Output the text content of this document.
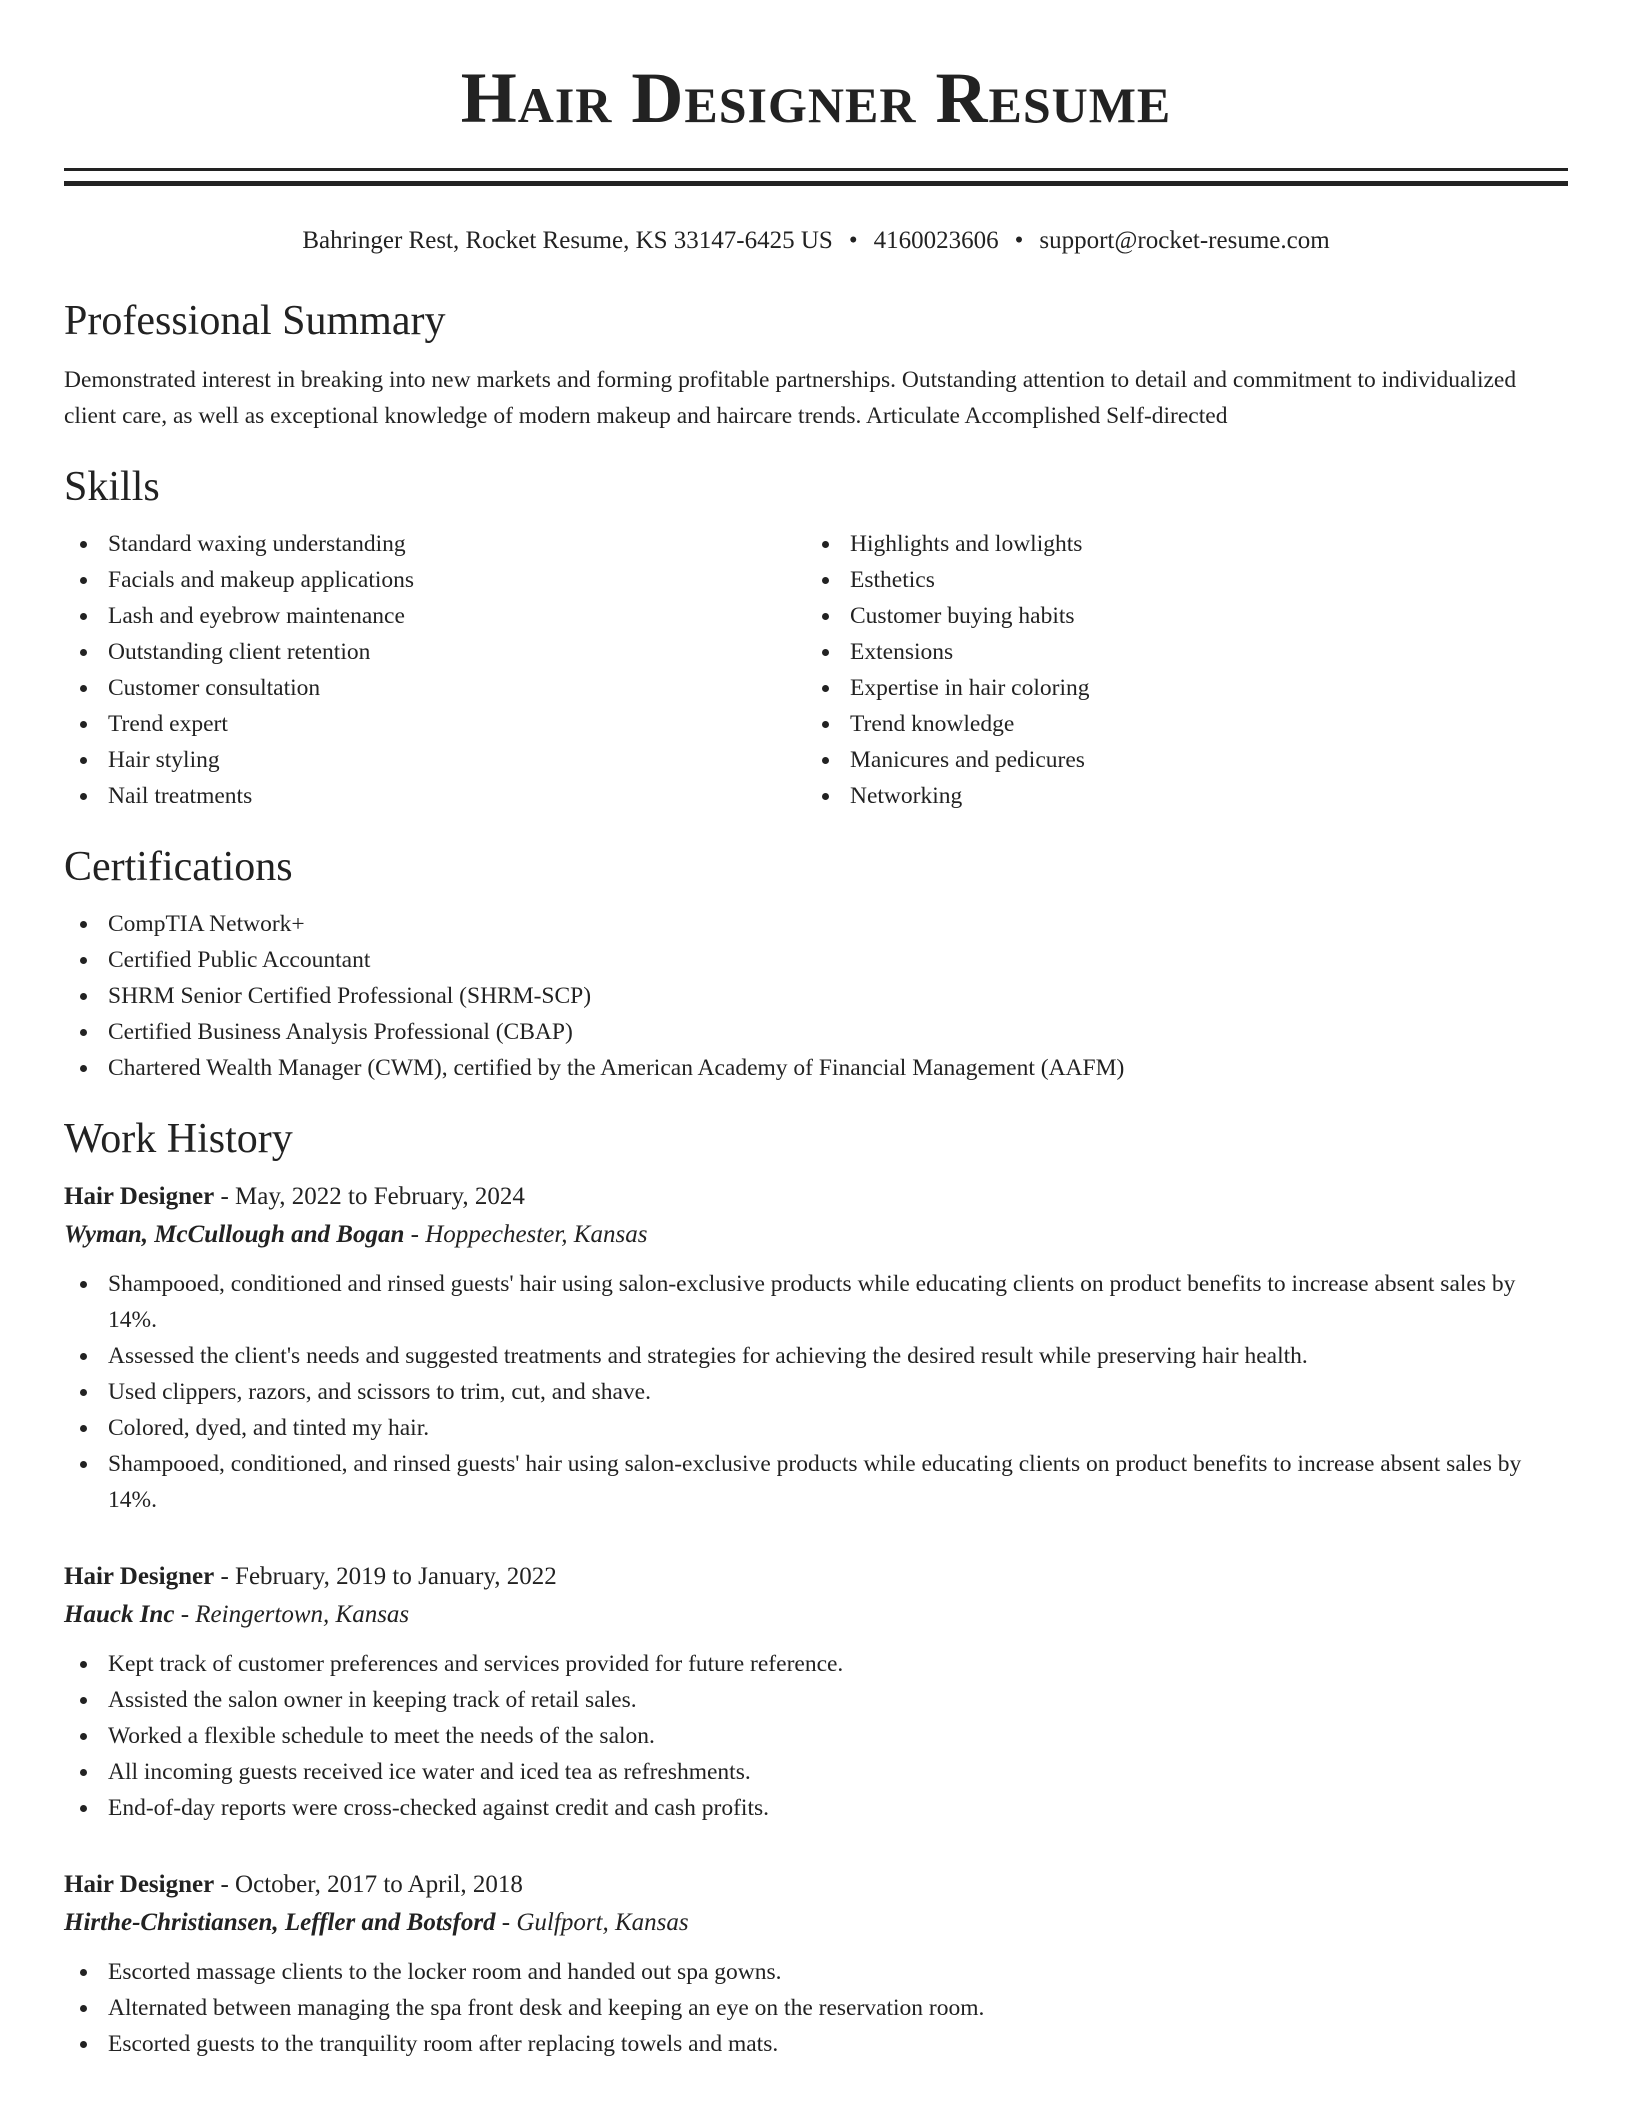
Hair Designer Resume
Bahringer Rest, Rocket Resume, KS 33147-6425 US • 4160023606 • support@rocket-resume.com
Professional Summary

Demonstrated interest in breaking into new markets and forming profitable partnerships. Outstanding attention to detail and commitment to individualized client care, as well as exceptional knowledge of modern makeup and haircare trends. Articulate Accomplished Self-directed

Skills
Standard waxing understanding
Facials and makeup applications
Lash and eyebrow maintenance
Outstanding client retention
Customer consultation
Trend expert
Hair styling
Nail treatments
Highlights and lowlights
Esthetics
Customer buying habits
Extensions
Expertise in hair coloring
Trend knowledge
Manicures and pedicures
Networking
Certifications
CompTIA Network+
Certified Public Accountant
SHRM Senior Certified Professional (SHRM-SCP)
Certified Business Analysis Professional (CBAP)
Chartered Wealth Manager (CWM), certified by the American Academy of Financial Management (AAFM)
Work History
Hair Designer - May, 2022 to February, 2024
Wyman, McCullough and Bogan - Hoppechester, Kansas
Shampooed, conditioned and rinsed guests' hair using salon-exclusive products while educating clients on product benefits to increase absent sales by 14%.
Assessed the client's needs and suggested treatments and strategies for achieving the desired result while preserving hair health.
Used clippers, razors, and scissors to trim, cut, and shave.
Colored, dyed, and tinted my hair.
Shampooed, conditioned, and rinsed guests' hair using salon-exclusive products while educating clients on product benefits to increase absent sales by 14%.
Hair Designer - February, 2019 to January, 2022
Hauck Inc - Reingertown, Kansas
Kept track of customer preferences and services provided for future reference.
Assisted the salon owner in keeping track of retail sales.
Worked a flexible schedule to meet the needs of the salon.
All incoming guests received ice water and iced tea as refreshments.
End-of-day reports were cross-checked against credit and cash profits.
Hair Designer - October, 2017 to April, 2018
Hirthe-Christiansen, Leffler and Botsford - Gulfport, Kansas
Escorted massage clients to the locker room and handed out spa gowns.
Alternated between managing the spa front desk and keeping an eye on the reservation room.
Escorted guests to the tranquility room after replacing towels and mats.
